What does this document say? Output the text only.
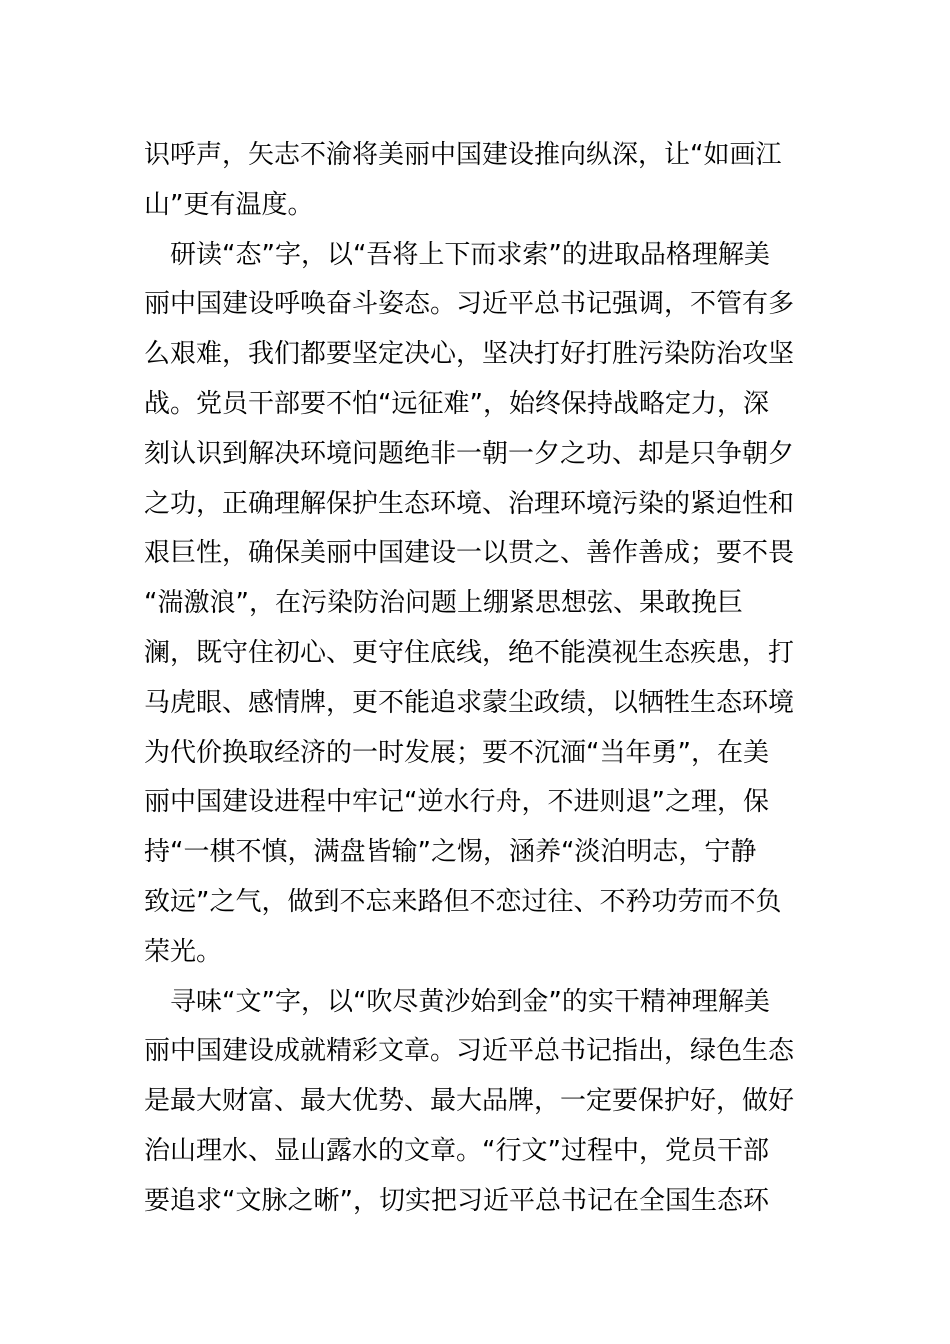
识呼声，矢志不渝将美丽中国建设推向纵深，让“如画江
山”更有温度。
　研读“态”字，以“吾将上下而求索”的进取品格理解美
丽中国建设呼唤奋斗姿态。习近平总书记强调，不管有多
么艰难，我们都要坚定决心，坚决打好打胜污染防治攻坚
战。党员干部要不怕“远征难”，始终保持战略定力，深
刻认识到解决环境问题绝非一朝一夕之功、却是只争朝夕
之功，正确理解保护生态环境、治理环境污染的紧迫性和
艰巨性，确保美丽中国建设一以贯之、善作善成；要不畏
“湍激浪”，在污染防治问题上绷紧思想弦、果敢挽巨
澜，既守住初心、更守住底线，绝不能漠视生态疾患，打
马虎眼、感情牌，更不能追求蒙尘政绩，以牺牲生态环境
为代价换取经济的一时发展；要不沉湎“当年勇”，在美
丽中国建设进程中牢记“逆水行舟，不进则退”之理，保
持“一棋不慎，满盘皆输”之惕，涵养“淡泊明志，宁静
致远”之气，做到不忘来路但不恋过往、不矜功劳而不负
荣光。
　寻味“文”字，以“吹尽黄沙始到金”的实干精神理解美
丽中国建设成就精彩文章。习近平总书记指出，绿色生态
是最大财富、最大优势、最大品牌，一定要保护好，做好
治山理水、显山露水的文章。“行文”过程中，党员干部
要追求“文脉之晰”，切实把习近平总书记在全国生态环
